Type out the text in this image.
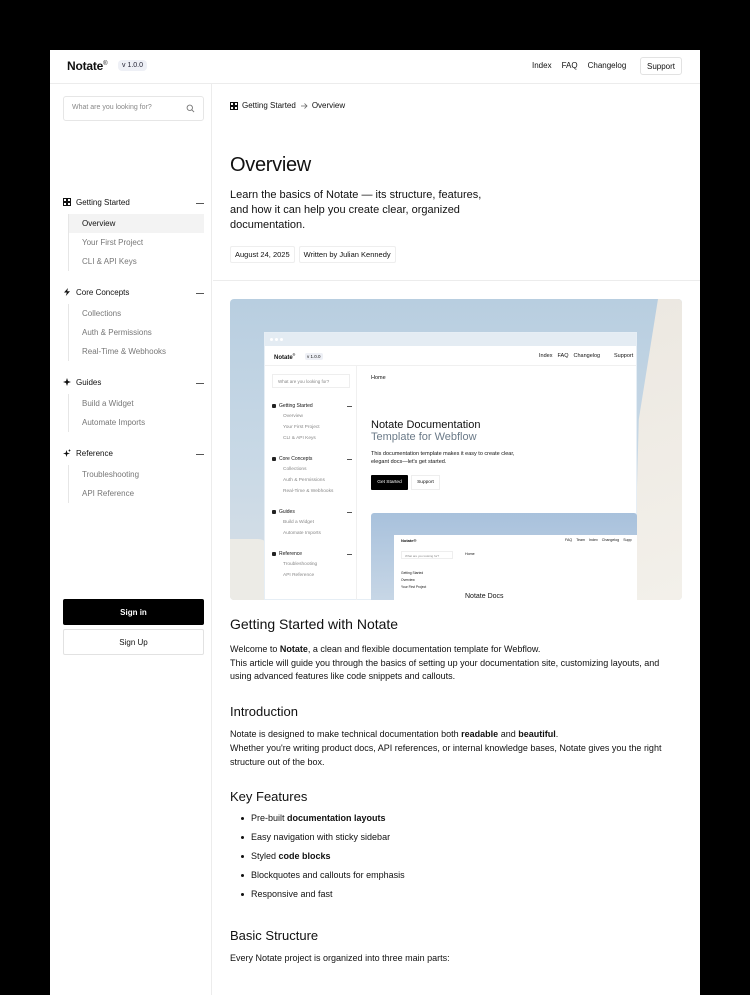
Notate®	v 1.0.0	Index FAQ Changelog	Support
What are you looking for?
Getting Started
Overview
Your First Project
CLI & API Keys
Core Concepts
Collections
Auth & Permissions
Real-Time & Webhooks
Guides
Build a Widget
Automate Imports
Reference
Troubleshooting
API Reference
Sign in
Sign Up
Getting Started Overview
Overview

Learn the basics of Notate — its structure, features, and how it can help you create clear, organized documentation.

August 24, 2025	Written by Julian Kennedy
Notate®	v 1.0.0	Index FAQ Changelog	Support
What are you looking for?
Getting Started
Overview
Your First Project
CLI & API Keys
Core Concepts
Collections
Auth & Permissions
Real-Time & Webhooks
Guides
Build a Widget
Automate Imports
Reference
Troubleshooting
API Reference
Home
Notate Documentation
Template for Webflow
This documentation template makes it easy to create clear, elegant docs—let's get started.
Get Started	Support
Notate®	FAQ Team Index Changelog Supp
What are you looking for?	Home
Getting Started
Overview
Your First Project
Notate Docs
Getting Started with Notate

Welcome to Notate, a clean and flexible documentation template for Webflow.
This article will guide you through the basics of setting up your documentation site, customizing layouts, and using advanced features like code snippets and callouts.

Introduction

Notate is designed to make technical documentation both readable and beautiful.
Whether you're writing product docs, API references, or internal knowledge bases, Notate gives you the right structure out of the box.

Key Features
Pre-built documentation layouts
Easy navigation with sticky sidebar
Styled code blocks
Blockquotes and callouts for emphasis
Responsive and fast
Basic Structure

Every Notate project is organized into three main parts:
